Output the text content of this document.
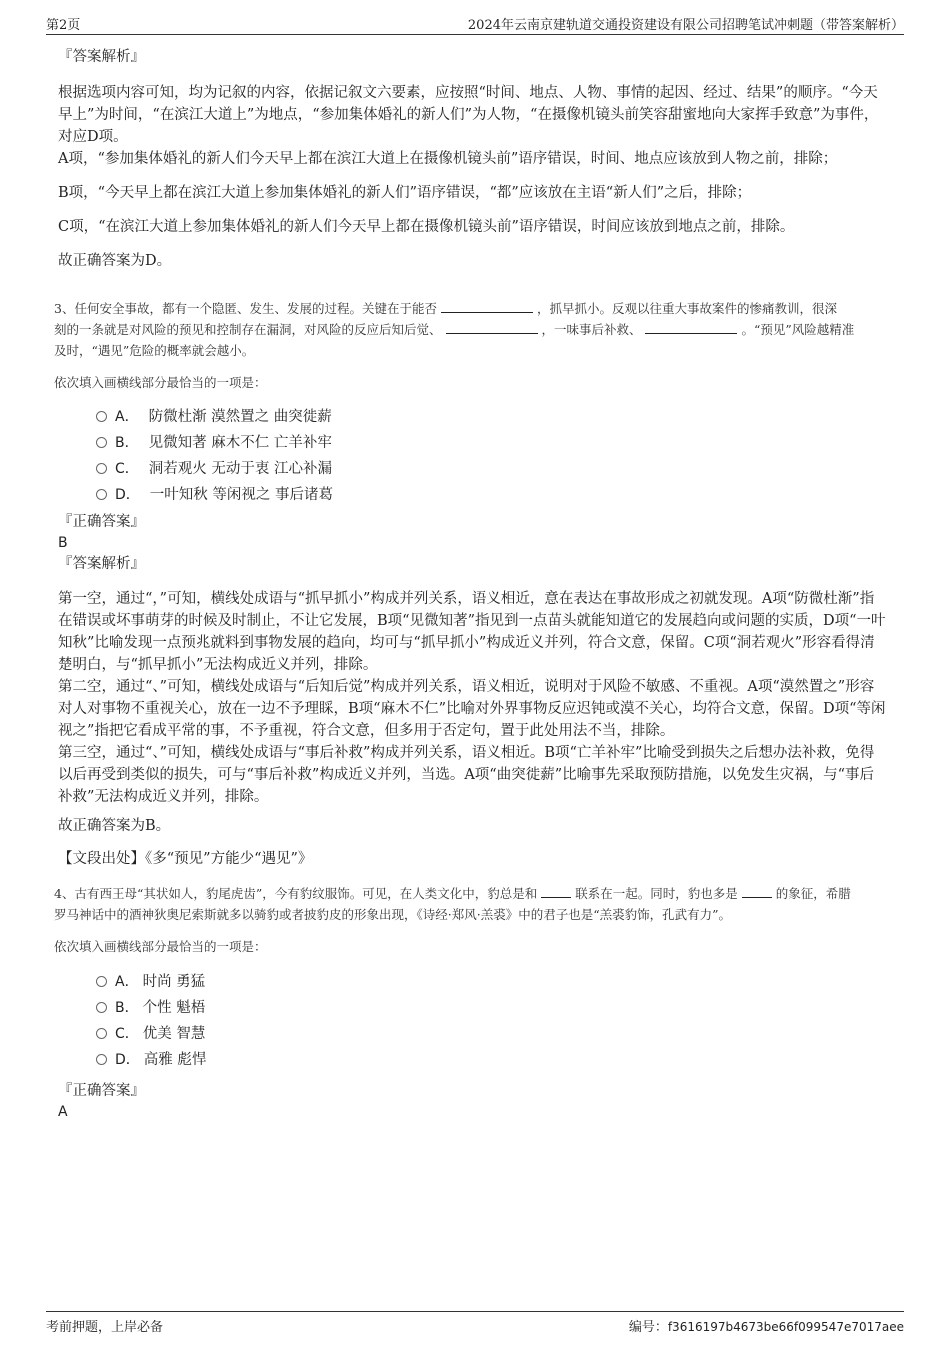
第2页	2024年云南京建轨道交通投资建设有限公司招聘笔试冲刺题（带答案解析）
『答案解析』
根据选项内容可知，均为记叙的内容，依据记叙文六要素，应按照“时间、地点、人物、事情的起因、经过、结果”的顺序。“今天早上”为时间，“在滨江大道上”为地点，“参加集体婚礼的新人们”为人物，“在摄像机镜头前笑容甜蜜地向大家挥手致意”为事件，对应D项。
A项，“参加集体婚礼的新人们今天早上都在滨江大道上在摄像机镜头前”语序错误，时间、地点应该放到人物之前，排除；
B项，“今天早上都在滨江大道上参加集体婚礼的新人们”语序错误，“都”应该放在主语“新人们”之后，排除；
C项，“在滨江大道上参加集体婚礼的新人们今天早上都在摄像机镜头前”语序错误，时间应该放到地点之前，排除。
故正确答案为D。
3、任何安全事故，都有一个隐匿、发生、发展的过程。关键在于能否	，抓早抓小。反观以往重大事故案件的惨痛教训，很深
刻的一条就是对风险的预见和控制存在漏洞，对风险的反应后知后觉、	，一味事后补救、	。“预见”风险越精准
及时，“遇见”危险的概率就会越小。
依次填入画横线部分最恰当的一项是：
A． 防微杜渐 漠然置之 曲突徙薪
B． 见微知著 麻木不仁 亡羊补牢
C． 洞若观火 无动于衷 江心补漏
D． 一叶知秋 等闲视之 事后诸葛
『正确答案』
B
『答案解析』
第一空，通过“，”可知，横线处成语与“抓早抓小”构成并列关系，语义相近，意在表达在事故形成之初就发现。A项“防微杜渐”指在错误或坏事萌芽的时候及时制止，不让它发展，B项“见微知著”指见到一点苗头就能知道它的发展趋向或问题的实质，D项“一叶知秋”比喻发现一点预兆就料到事物发展的趋向，均可与“抓早抓小”构成近义并列，符合文意，保留。C项“洞若观火”形容看得清楚明白，与“抓早抓小”无法构成近义并列，排除。
第二空，通过“、”可知，横线处成语与“后知后觉”构成并列关系，语义相近，说明对于风险不敏感、不重视。A项“漠然置之”形容对人对事物不重视关心，放在一边不予理睬，B项“麻木不仁”比喻对外界事物反应迟钝或漠不关心，均符合文意，保留。D项“等闲视之”指把它看成平常的事，不予重视，符合文意，但多用于否定句，置于此处用法不当，排除。
第三空，通过“、”可知，横线处成语与“事后补救”构成并列关系，语义相近。B项“亡羊补牢”比喻受到损失之后想办法补救，免得以后再受到类似的损失，可与“事后补救”构成近义并列，当选。A项“曲突徙薪”比喻事先采取预防措施，以免发生灾祸，与“事后补救”无法构成近义并列，排除。
故正确答案为B。
【文段出处】《多“预见”方能少“遇见”》
4、古有西王母“其状如人，豹尾虎齿”，今有豹纹服饰。可见，在人类文化中，豹总是和	联系在一起。同时，豹也多是	的象征，希腊
罗马神话中的酒神狄奥尼索斯就多以骑豹或者披豹皮的形象出现，《诗经·郑风·羔裘》中的君子也是“羔裘豹饰，孔武有力”。
依次填入画横线部分最恰当的一项是：
A． 时尚 勇猛
B． 个性 魁梧
C． 优美 智慧
D． 高雅 彪悍
『正确答案』
A
考前押题，上岸必备	编号：f3616197b4673be66f099547e7017aee
